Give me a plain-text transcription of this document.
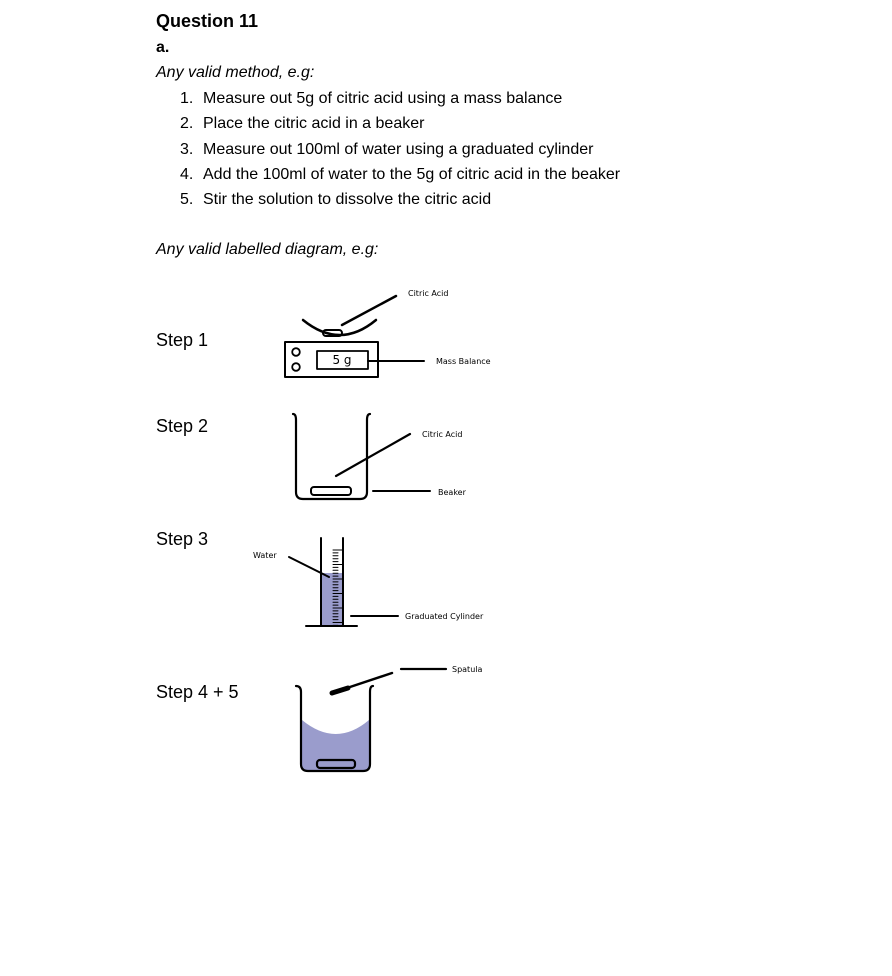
Question 11
a.
Any valid method, e.g:
1. Measure out 5g of citric acid using a mass balance
2. Place the citric acid in a beaker
3. Measure out 100ml of water using a graduated cylinder
4. Add the 100ml of water to the 5g of citric acid in the beaker
5. Stir the solution to dissolve the citric acid
Any valid labelled diagram, e.g:
Step 1
Step 2
Step 3
Step 4 + 5
5 g
Citric Acid
Mass Balance
Citric Acid
Beaker
Water
Graduated Cylinder
Spatula
